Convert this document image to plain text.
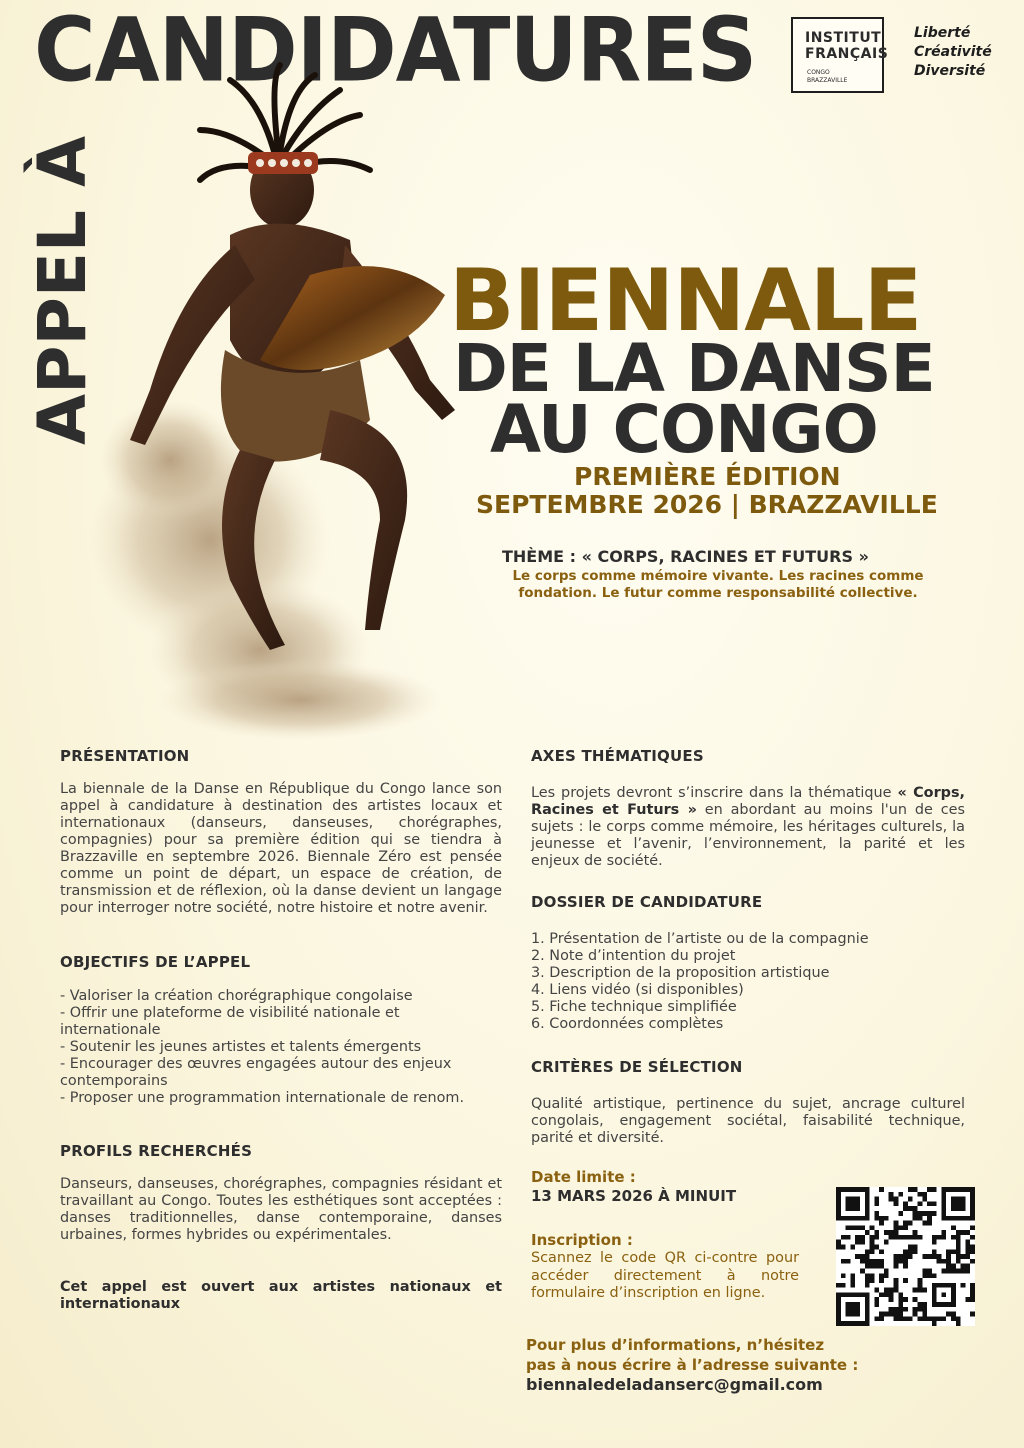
CANDIDATURES
APPEL À
INSTITUT
FRANÇAIS
CONGO
BRAZZAVILLE
Liberté
Créativité
Diversité
BIENNALE
DE LA DANSE
AU CONGO
PREMIÈRE ÉDITION
SEPTEMBRE 2026 | BRAZZAVILLE
THÈME : « CORPS, RACINES ET FUTURS »
Le corps comme mémoire vivante. Les racines comme fondation. Le futur comme responsabilité collective.
PRÉSENTATION
La biennale de la Danse en République du Congo lance son appel à candidature à destination des artistes locaux et internationaux (danseurs, danseuses, chorégraphes, compagnies) pour sa première édition qui se tiendra à Brazzaville en septembre 2026. Biennale Zéro est pensée comme un point de départ, un espace de création, de transmission et de réflexion, où la danse devient un langage pour interroger notre société, notre histoire et notre avenir.
OBJECTIFS DE L’APPEL
- Valoriser la création chorégraphique congolaise
- Offrir une plateforme de visibilité nationale et internationale
- Soutenir les jeunes artistes et talents émergents
- Encourager des œuvres engagées autour des enjeux contemporains
- Proposer une programmation internationale de renom.
PROFILS RECHERCHÉS
Danseurs, danseuses, chorégraphes, compagnies résidant et travaillant au Congo. Toutes les esthétiques sont acceptées : danses traditionnelles, danse contemporaine, danses urbaines, formes hybrides ou expérimentales.
Cet appel est ouvert aux artistes nationaux et internationaux
AXES THÉMATIQUES
Les projets devront s’inscrire dans la thématique « Corps, Racines et Futurs » en abordant au moins l'un de ces sujets : le corps comme mémoire, les héritages culturels, la jeunesse et l’avenir, l’environnement, la parité et les enjeux de société.
DOSSIER DE CANDIDATURE
1. Présentation de l’artiste ou de la compagnie
2. Note d’intention du projet
3. Description de la proposition artistique
4. Liens vidéo (si disponibles)
5. Fiche technique simplifiée
6. Coordonnées complètes
CRITÈRES DE SÉLECTION
Qualité artistique, pertinence du sujet, ancrage culturel congolais, engagement sociétal, faisabilité technique, parité et diversité.
Date limite :
13 MARS 2026 À MINUIT
Inscription :
Scannez le code QR ci-contre pour accéder directement à notre formulaire d’inscription en ligne.
Pour plus d’informations, n’hésitez
pas à nous écrire à l’adresse suivante :
biennaledeladanserc@gmail.com
